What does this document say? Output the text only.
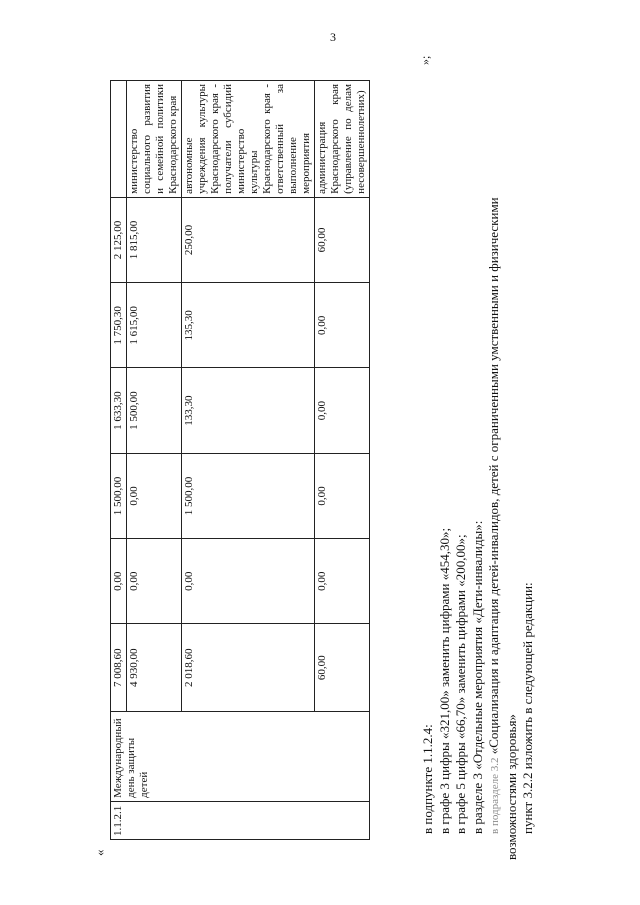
3
«
1.1.2.1	Международный день защиты детей	7 008,60	0,00	1 500,00	1 633,30	1 750,30	2 125,00	
		4 930,00	0,00	0,00	1 500,00	1 615,00	1 815,00	министерство социального развития и семейной политики Краснодарского края
		2 018,60	0,00	1 500,00	133,30	135,30	250,00	автономные учреждения культуры Краснодарского края - получатели субсидий министерство культуры Краснодарского края - ответственный за выполнение мероприятия
		60,00	0,00	0,00	0,00	0,00	60,00	администрация Краснодарского края (управление по делам несовершеннолетних)
»;

в подпункте 1.1.2.4: в графе 3 цифры «321,00» заменить цифрами «454,30»; в графе 5 цифры «66,70» заменить цифрами «200,00»; в разделе 3 «Отдельные мероприятия «Дети-инвалиды»: в подразделе 3.2 «Социализация и адаптация детей-инвалидов, детей с ограниченными умственными и физическими

возможностями здоровья» пункт 3.2.2 изложить в следующей редакции:
